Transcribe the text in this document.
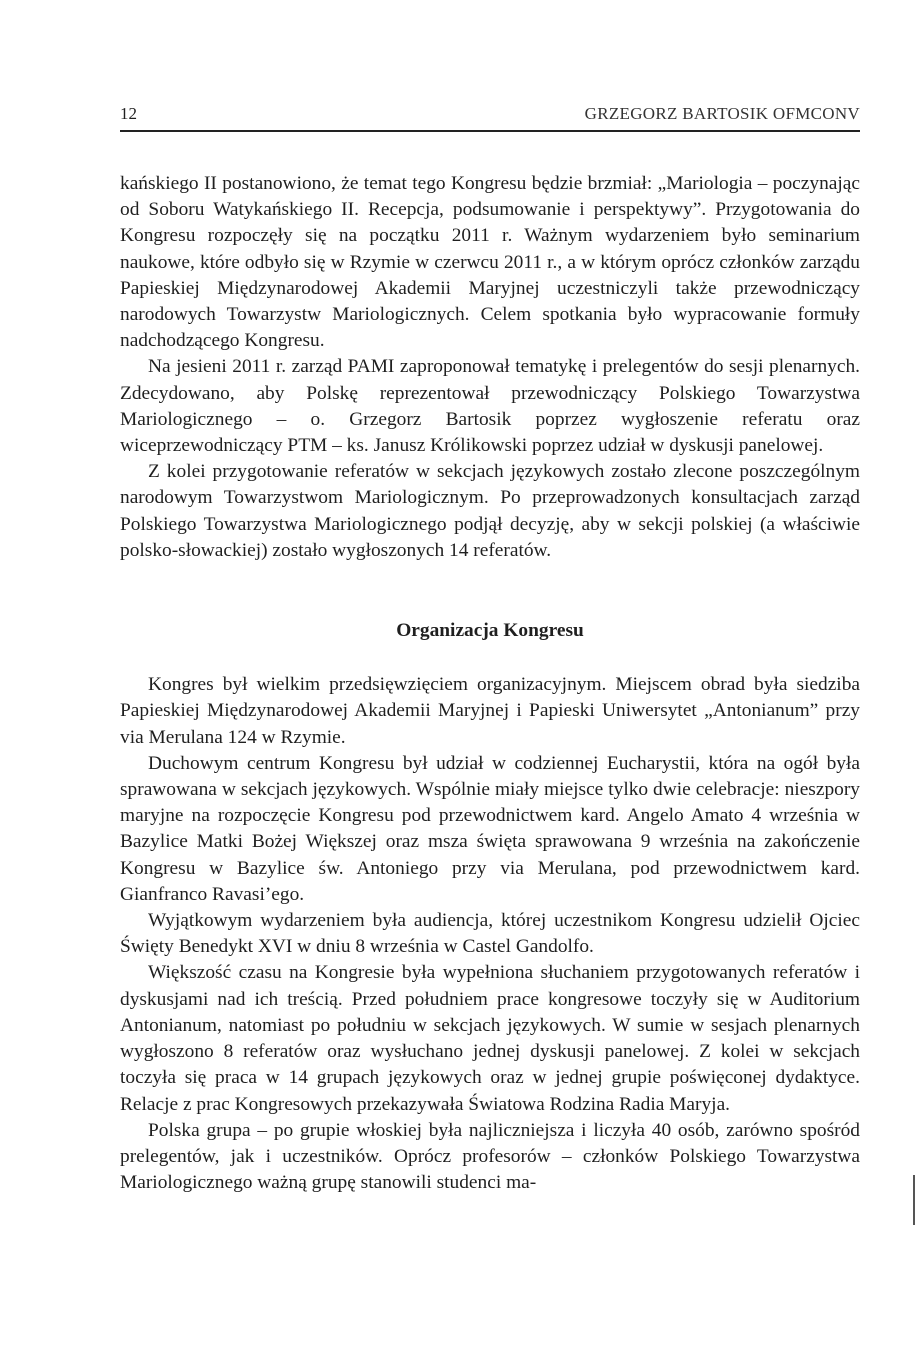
12	GRZEGORZ BARTOSIK OFMCONV

kańskiego II postanowiono, że temat tego Kongresu będzie brzmiał: „Mariologia – poczynając od Soboru Watykańskiego II. Recepcja, podsumowanie i perspektywy”. Przygotowania do Kongresu rozpoczęły się na początku 2011 r. Ważnym wydarzeniem było seminarium naukowe, które odbyło się w Rzymie w czerwcu 2011 r., a w którym oprócz członków zarządu Papieskiej Międzynarodowej Akademii Maryjnej uczestniczyli także przewodniczący narodowych Towarzystw Mariologicznych. Celem spotkania było wypracowanie formuły nadchodzącego Kongresu.

Na jesieni 2011 r. zarząd PAMI zaproponował tematykę i prelegentów do sesji plenarnych. Zdecydowano, aby Polskę reprezentował przewodniczący Polskiego Towarzystwa Mariologicznego – o. Grzegorz Bartosik poprzez wygłoszenie referatu oraz wiceprzewodniczący PTM – ks. Janusz Królikowski poprzez udział w dyskusji panelowej.

Z kolei przygotowanie referatów w sekcjach językowych zostało zlecone poszczególnym narodowym Towarzystwom Mariologicznym. Po przeprowadzonych konsultacjach zarząd Polskiego Towarzystwa Mariologicznego podjął decyzję, aby w sekcji polskiej (a właściwie polsko-słowackiej) zostało wygłoszonych 14 referatów.

Organizacja Kongresu

Kongres był wielkim przedsięwzięciem organizacyjnym. Miejscem obrad była siedziba Papieskiej Międzynarodowej Akademii Maryjnej i Papieski Uniwersytet „Antonianum” przy via Merulana 124 w Rzymie.

Duchowym centrum Kongresu był udział w codziennej Eucharystii, która na ogół była sprawowana w sekcjach językowych. Wspólnie miały miejsce tylko dwie celebracje: nieszpory maryjne na rozpoczęcie Kongresu pod przewodnictwem kard. Angelo Amato 4 września w Bazylice Matki Bożej Większej oraz msza święta sprawowana 9 września na zakończenie Kongresu w Bazylice św. Antoniego przy via Merulana, pod przewodnictwem kard. Gianfranco Ravasi’ego.

Wyjątkowym wydarzeniem była audiencja, której uczestnikom Kongresu udzielił Ojciec Święty Benedykt XVI w dniu 8 września w Castel Gandolfo.

Większość czasu na Kongresie była wypełniona słuchaniem przygotowanych referatów i dyskusjami nad ich treścią. Przed południem prace kongresowe toczyły się w Auditorium Antonianum, natomiast po południu w sekcjach językowych. W sumie w sesjach plenarnych wygłoszono 8 referatów oraz wysłuchano jednej dyskusji panelowej. Z kolei w sekcjach toczyła się praca w 14 grupach językowych oraz w jednej grupie poświęconej dydaktyce. Relacje z prac Kongresowych przekazywała Światowa Rodzina Radia Maryja.

Polska grupa – po grupie włoskiej była najliczniejsza i liczyła 40 osób, zarówno spośród prelegentów, jak i uczestników. Oprócz profesorów – członków Polskiego Towarzystwa Mariologicznego ważną grupę stanowili studenci ma-
